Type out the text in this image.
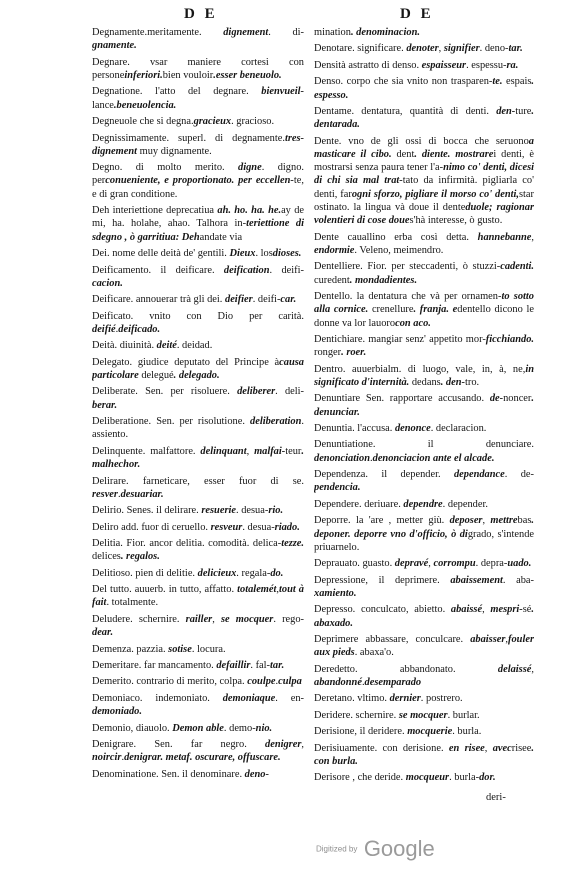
D E	D E
Degnamente.meritamente. dignement. di-gnamente.
Degnare. vsar maniere cortesi con personeinferiori.bien vouloir.esser beneuolo.
Degnatione. l'atto del degnare. bienvueil-lance.beneuolencia.
Degneuole che si degna.gracieux. gracioso.
Degnissimamente. superl. di degnamente.tres-dignement muy dignamente.
Degno. di molto merito. digne. digno. perconueniente, e proportionato. per eccellen-te, e di gran conditione.
Deh interiettione deprecatiua ah. ho. ha. he.ay de mi, ha. holahe, ahao. Talhora in-teriettione di sdegno , ò garritiua: Dehandate via
Dei. nome delle deità de' gentili. Dieux. losdioses.
Deificamento. il deificare. deification. deifi-cacion.
Deificare. annouerar trà gli dei. deifier. deifi-car.
Deificato. vnito con Dio per carità. deifié.deificado.
Deità. diuinità. deité. deidad.
Delegato. giudice deputato del Principe àcausa particolare delegué. delegado.
Deliberate. Sen. per risoluere. deliberer. deli-berar.
Deliberatione. Sen. per risolutione. deliberation. assiento.
Delinquente. malfattore. delinquant, malfai-teur. malhechor.
Delirare. farneticare, esser fuor di se. resver.desuariar.
Delirio. Senes. il delirare. resuerie. desua-rio.
Deliro add. fuor di ceruello. resveur. desua-riado.
Delitia. Fior. ancor delitia. comodità. delica-tezze. delices. regalos.
Delitioso. pien di delitie. delicieux. regala-do.
Del tutto. auuerb. in tutto, affatto. totalemét,tout à fait. totalmente.
Deludere. schernire. railler, se mocquer. rego-dear.
Demenza. pazzia. sotise. locura.
Demeritare. far mancamento. defaillir. fal-tar.
Demerito. contrario di merito, colpa. coulpe.culpa
Demoniaco. indemoniato. demoniaque. en-demoniado.
Demonio, diauolo. Demon able. demo-nio.
Denigrare. Sen. far negro. denigrer, noircir.denigrar. metaf. oscurare, offuscare.
Denominatione. Sen. il denominare. deno-
mination. denominacion.
Denotare. significare. denoter, signifier. deno-tar.
Densità astratto di denso. espaisseur. espessu-ra.
Denso. corpo che sia vnito non trasparen-te. espais. espesso.
Dentame. dentatura, quantità di denti. den-ture. dentarada.
Dente. vno de gli ossi di bocca che seruonoa masticare il cibo. dent. diente. mostrarei denti, è mostrarsi senza paura tener l'a-nimo co' denti, dicesi di chi sia mal trat-tato da infirmità. pigliarla co' denti, farogni sforzo, pigliare il morso co' denti,star ostinato. la lingua và doue il denteduole; ragionar volentieri di cose doues'hà interesse, ò gusto.
Dente cauallino erba così detta. hannebanne, endormie. Veleno, meimendro.
Dentelliere. Fior. per steccadenti, ò stuzzi-cadenti. curedent. mondadientes.
Dentello. la dentatura che và per ornamen-to sotto alla cornice. crenellure. franja. edentello dicono le donne va lor lauorocon aco.
Dentichiare. mangiar senz' appetito mor-ficchiando. ronger. roer.
Dentro. auuerbialm. di luogo, vale, in, à, ne,in significato d'internità. dedans. den-tro.
Denuntiare Sen. rapportare accusando. de-noncer. denunciar.
Denuntia. l'accusa. denonce. declaracion.
Denuntiatione. il denunciare. denonciation.denonciacion ante el alcade.
Dependenza. il depender. dependance. de-pendencia.
Dependere. deriuare. dependre. depender.
Deporre. la 'are , metter giù. deposer, mettrebas. deponer. deporre vno d'officio, ò digrado, s'intende priuarnelo.
Deprauato. guasto. depravé, corrompu. depra-uado.
Depressione, il deprimere. abaissement. aba-xamiento.
Depresso. conculcato, abietto. abaissé, mespri-sé. abaxado.
Deprimere abbassare, conculcare. abaisser,fouler aux pieds. abaxa'o.
Deredetto. abbandonato. delaissé, abandonné.desemparado
Deretano. vltimo. dernier. postrero.
Deridere. schernire. se mocquer. burlar.
Derisione, il deridere. mocquerie. burla.
Derisiuamente. con derisione. en risee, avecrisee. con burla.
Derisore , che deride. mocqueur. burla-dor.
deri-
Digitized by Google
